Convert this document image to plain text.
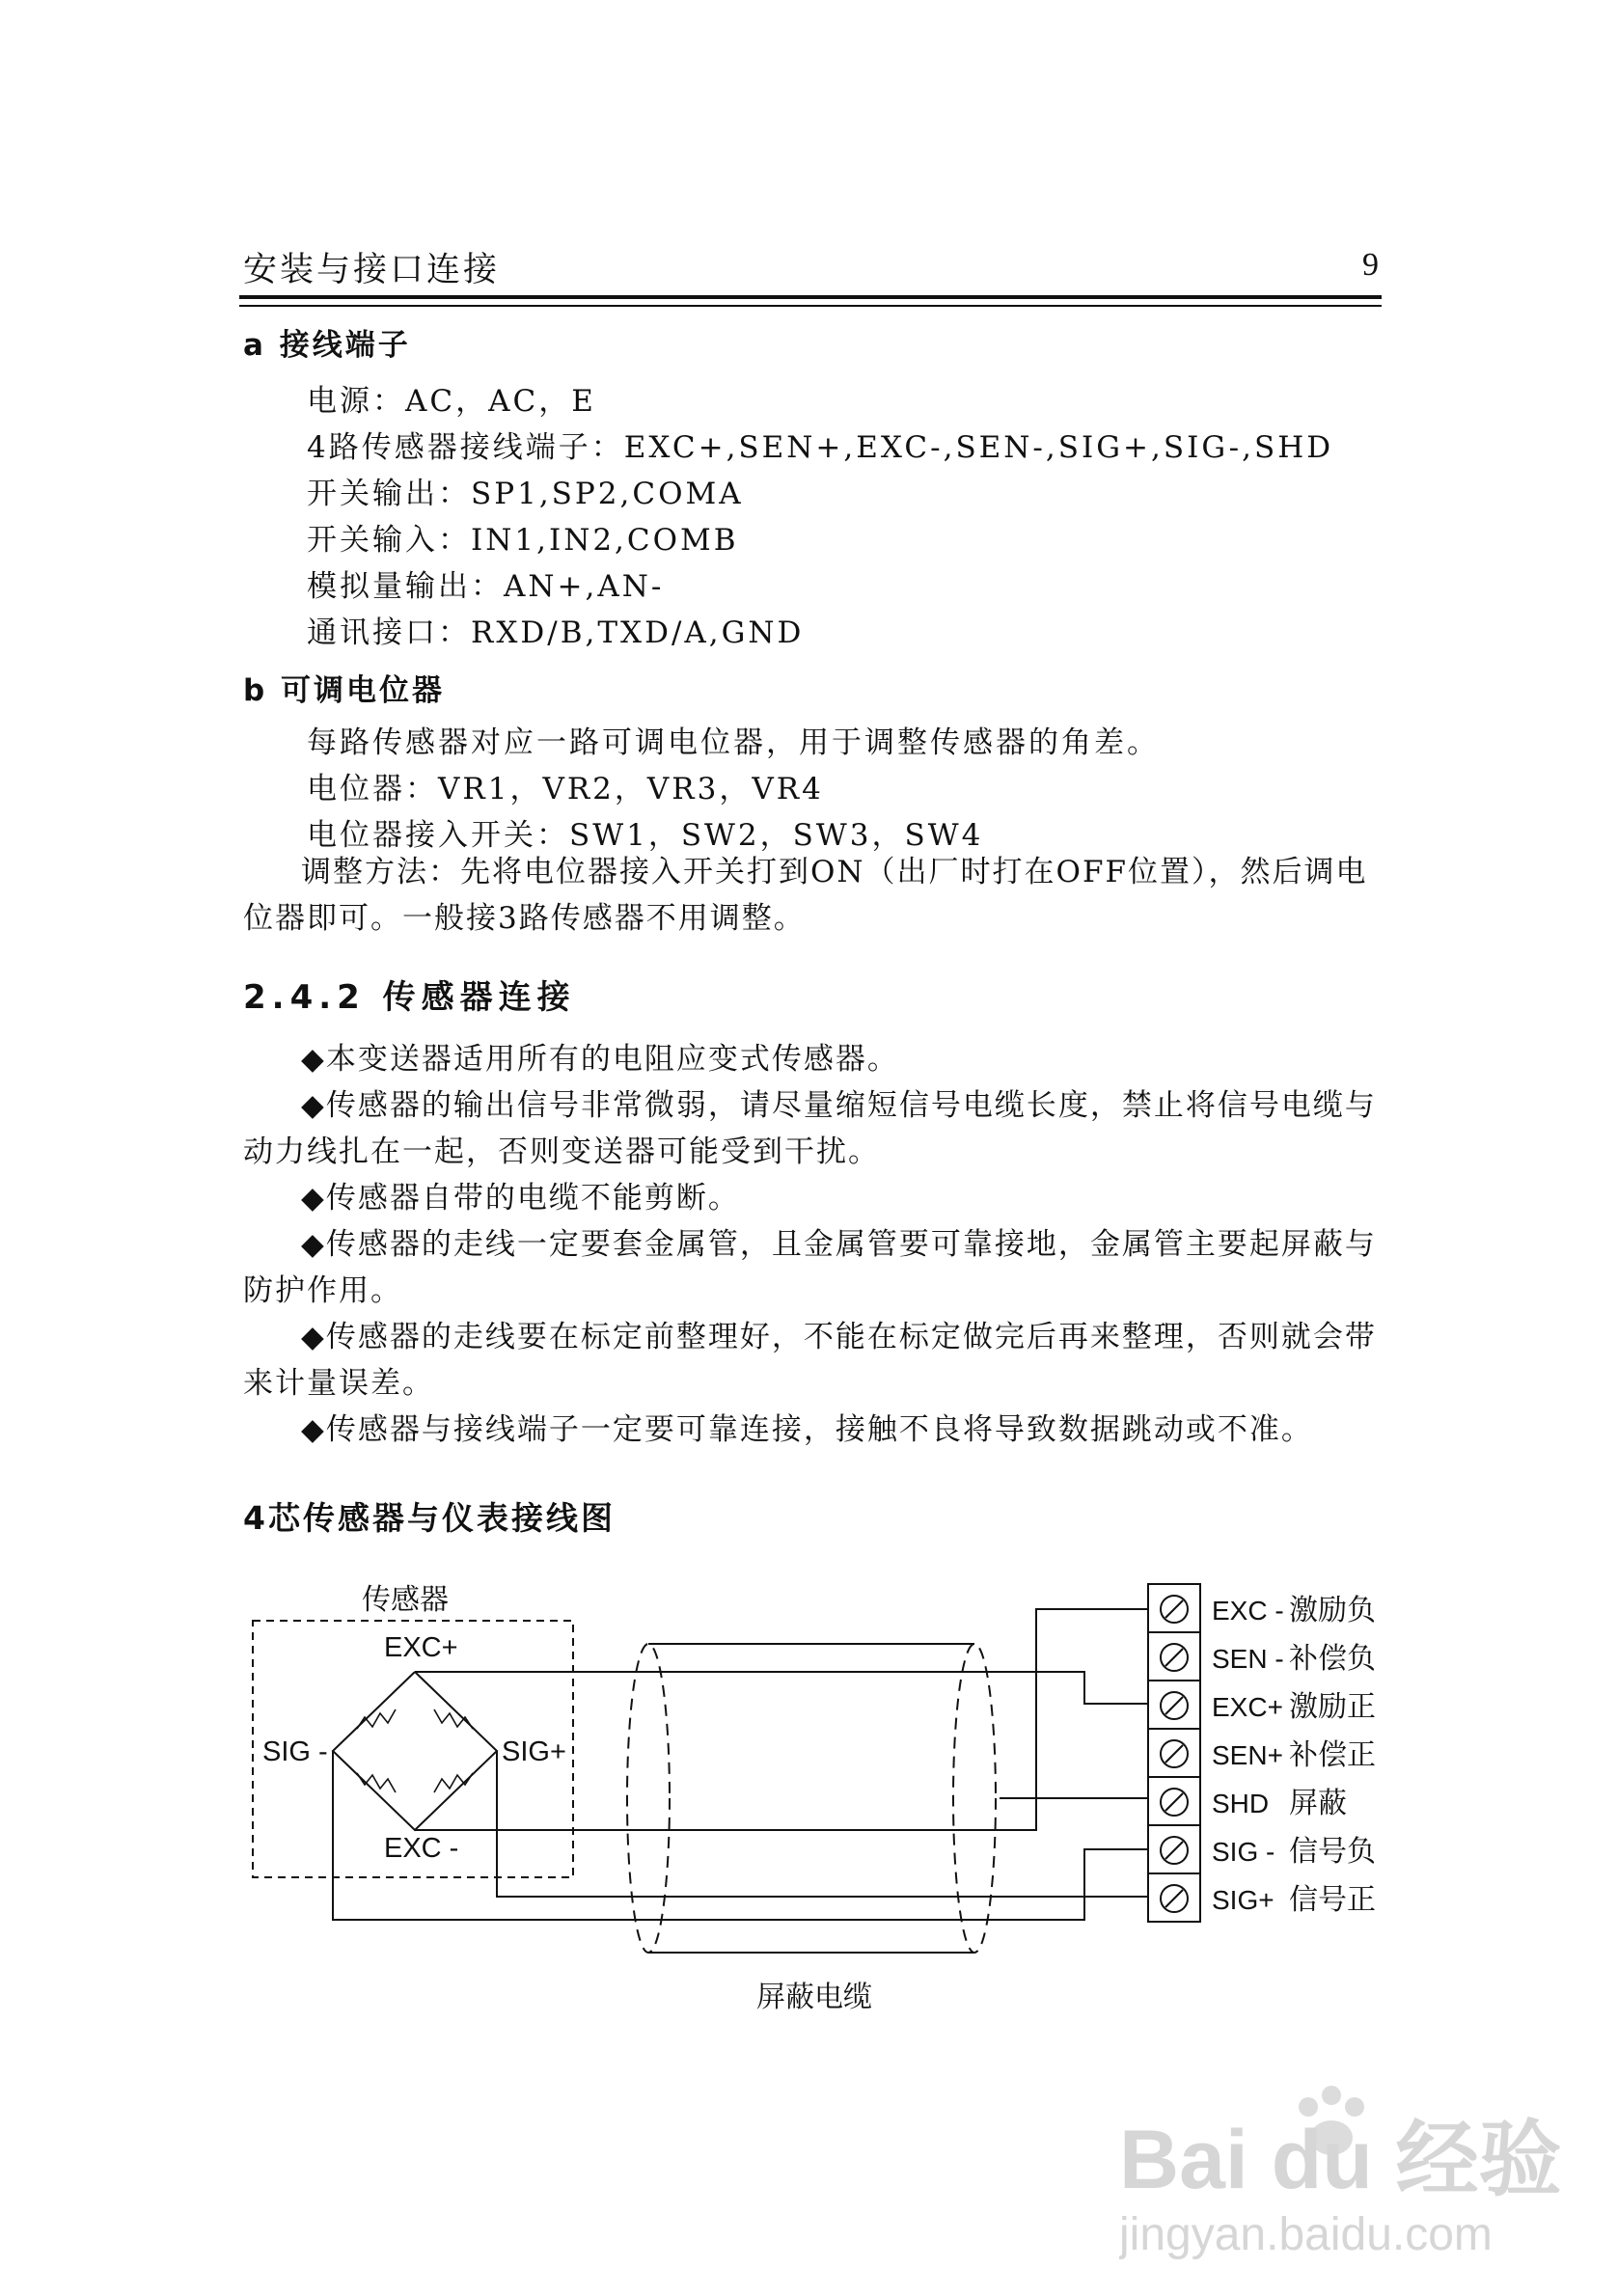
安装与接口连接	9
a 接线端子
电源：AC，AC，E
4路传感器接线端子：EXC+,SEN+,EXC-,SEN-,SIG+,SIG-,SHD
开关输出：SP1,SP2,COMA
开关输入：IN1,IN2,COMB
模拟量输出：AN+,AN-
通讯接口：RXD/B,TXD/A,GND
b 可调电位器
每路传感器对应一路可调电位器，用于调整传感器的角差。
电位器：VR1，VR2，VR3，VR4
电位器接入开关：SW1，SW2，SW3，SW4
调整方法：先将电位器接入开关打到ON（出厂时打在OFF位置），然后调电位器即可。一般接3路传感器不用调整。
2.4.2 传感器连接
◆本变送器适用所有的电阻应变式传感器。
◆传感器的输出信号非常微弱，请尽量缩短信号电缆长度，禁止将信号电缆与动力线扎在一起，否则变送器可能受到干扰。
◆传感器自带的电缆不能剪断。
◆传感器的走线一定要套金属管，且金属管要可靠接地，金属管主要起屏蔽与防护作用。
◆传感器的走线要在标定前整理好，不能在标定做完后再来整理，否则就会带来计量误差。
◆传感器与接线端子一定要可靠连接，接触不良将导致数据跳动或不准。
4芯传感器与仪表接线图
传感器
EXC+
SIG -	SIG+
EXC -
屏蔽电缆
EXC - 激励负
SEN - 补偿负
EXC+ 激励正
SEN+ 补偿正
SHD 屏蔽
SIG - 信号负
SIG+ 信号正
Bai du 经验
jingyan.baidu.com
